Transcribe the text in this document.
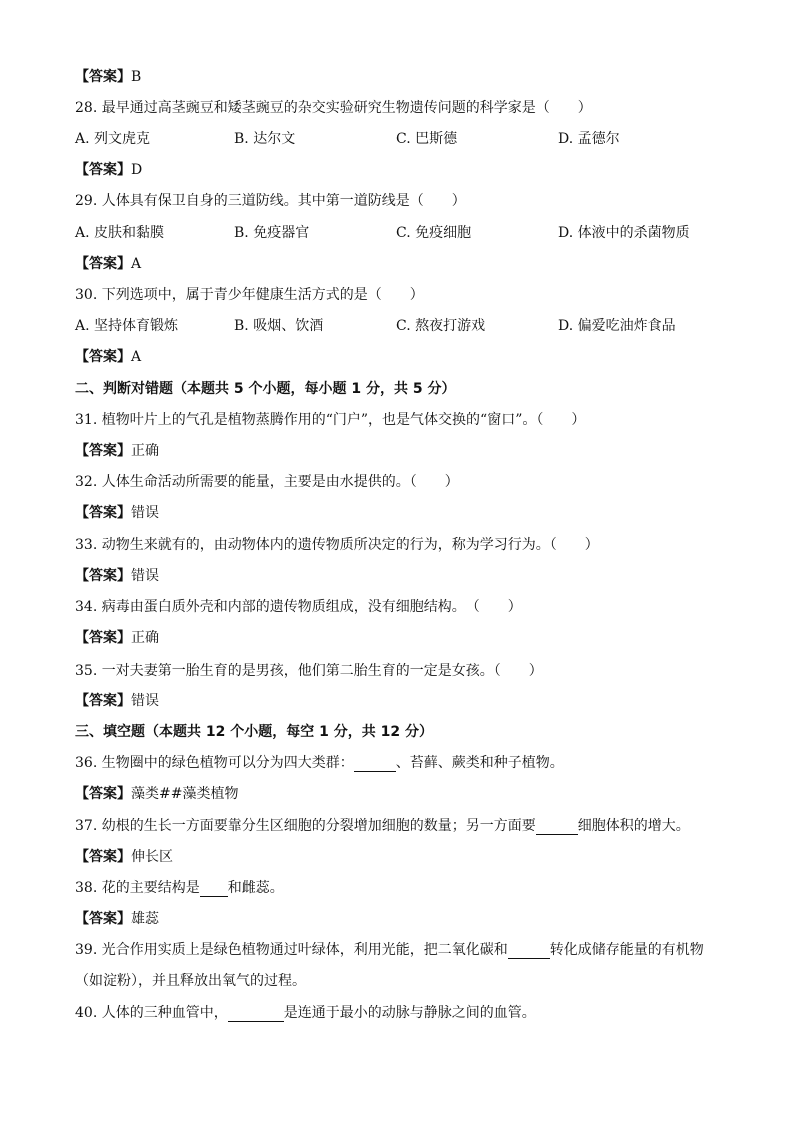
【答案】B
28. 最早通过高茎豌豆和矮茎豌豆的杂交实验研究生物遗传问题的科学家是（　　）
A. 列文虎克	B. 达尔文	C. 巴斯德	D. 孟德尔
【答案】D
29. 人体具有保卫自身的三道防线。其中第一道防线是（　　）
A. 皮肤和黏膜	B. 免疫器官	C. 免疫细胞	D. 体液中的杀菌物质
【答案】A
30. 下列选项中，属于青少年健康生活方式的是（　　）
A. 坚持体育锻炼	B. 吸烟、饮酒	C. 熬夜打游戏	D. 偏爱吃油炸食品
【答案】A
二、判断对错题（本题共 5 个小题，每小题 1 分，共 5 分）
31. 植物叶片上的气孔是植物蒸腾作用的“门户”，也是气体交换的“窗口”。（　　）
【答案】正确
32. 人体生命活动所需要的能量，主要是由水提供的。（　　）
【答案】错误
33. 动物生来就有的，由动物体内的遗传物质所决定的行为，称为学习行为。（　　）
【答案】错误
34. 病毒由蛋白质外壳和内部的遗传物质组成，没有细胞结构。　（　　）
【答案】正确
35. 一对夫妻第一胎生育的是男孩，他们第二胎生育的一定是女孩。（　　）
【答案】错误
三、填空题（本题共 12 个小题，每空 1 分，共 12 分）
36. 生物圈中的绿色植物可以分为四大类群：	、苔藓、蕨类和种子植物。
【答案】藻类##藻类植物
37. 幼根的生长一方面要靠分生区细胞的分裂增加细胞的数量；另一方面要	细胞体积的增大。
【答案】伸长区
38. 花的主要结构是 和雌蕊。
【答案】雄蕊
39. 光合作用实质上是绿色植物通过叶绿体，利用光能，把二氧化碳和	转化成储存能量的有机物
（如淀粉），并且释放出氧气的过程。
40. 人体的三种血管中，	是连通于最小的动脉与静脉之间的血管。
